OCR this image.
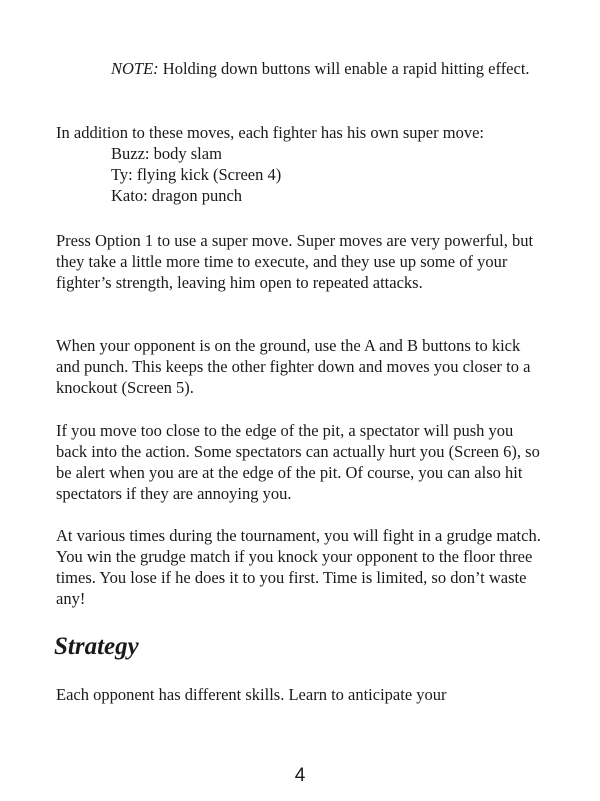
NOTE: Holding down buttons will enable a rapid hitting effect.

In addition to these moves, each fighter has his own super move:

Buzz: body slam
Ty: flying kick (Screen 4)
Kato: dragon punch

Press Option 1 to use a super move. Super moves are very powerful, but they take a little more time to execute, and they use up some of your fighter’s strength, leaving him open to repeated attacks.

When your opponent is on the ground, use the A and B buttons to kick and punch. This keeps the other fighter down and moves you closer to a knockout (Screen 5).

If you move too close to the edge of the pit, a spectator will push you back into the action. Some spectators can actually hurt you (Screen 6), so be alert when you are at the edge of the pit. Of course, you can also hit spectators if they are annoying you.

At various times during the tournament, you will fight in a grudge match. You win the grudge match if you knock your opponent to the floor three times. You lose if he does it to you first. Time is limited, so don’t waste any!

Strategy

Each opponent has different skills. Learn to anticipate your

4
